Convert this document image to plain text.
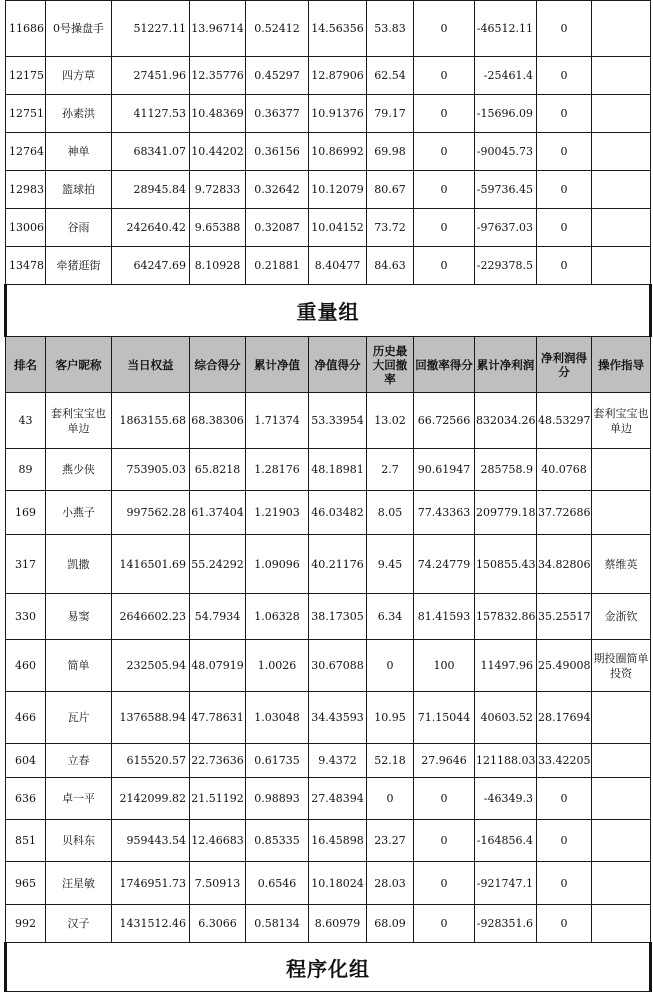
11686	0号操盘手	51227.11	13.96714	0.52412	14.56356	53.83	0	-46512.11	0	
12175	四方草	27451.96	12.35776	0.45297	12.87906	62.54	0	-25461.4	0	
12751	孙素洪	41127.53	10.48369	0.36377	10.91376	79.17	0	-15696.09	0	
12764	神单	68341.07	10.44202	0.36156	10.86992	69.98	0	-90045.73	0	
12983	篮球拍	28945.84	9.72833	0.32642	10.12079	80.67	0	-59736.45	0	
13006	谷雨	242640.42	9.65388	0.32087	10.04152	73.72	0	-97637.03	0	
13478	牵猪逛街	64247.69	8.10928	0.21881	8.40477	84.63	0	-229378.5	0	
重量组										
排名	客户昵称	当日权益	综合得分	累计净值	净值得分	历史最大回撤率	回撤率得分	累计净利润	净利润得分	操作指导
43	套利宝宝也单边	1863155.68	68.38306	1.71374	53.33954	13.02	66.72566	832034.26	48.53297	套利宝宝也单边
89	燕少侠	753905.03	65.8218	1.28176	48.18981	2.7	90.61947	285758.9	40.0768	
169	小燕子	997562.28	61.37404	1.21903	46.03482	8.05	77.43363	209779.18	37.72686	
317	凯撒	1416501.69	55.24292	1.09096	40.21176	9.45	74.24779	150855.43	34.82806	蔡维英
330	易窦	2646602.23	54.7934	1.06328	38.17305	6.34	81.41593	157832.86	35.25517	金浙钦
460	简单	232505.94	48.07919	1.0026	30.67088	0	100	11497.96	25.49008	期投圈简单投资
466	瓦片	1376588.94	47.78631	1.03048	34.43593	10.95	71.15044	40603.52	28.17694	
604	立春	615520.57	22.73636	0.61735	9.4372	52.18	27.9646	121188.03	33.42205	
636	卓一平	2142099.82	21.51192	0.98893	27.48394	0	0	-46349.3	0	
851	贝科东	959443.54	12.46683	0.85335	16.45898	23.27	0	-164856.4	0	
965	汪星敏	1746951.73	7.50913	0.6546	10.18024	28.03	0	-921747.1	0	
992	汉子	1431512.46	6.3066	0.58134	8.60979	68.09	0	-928351.6	0	
程序化组										
